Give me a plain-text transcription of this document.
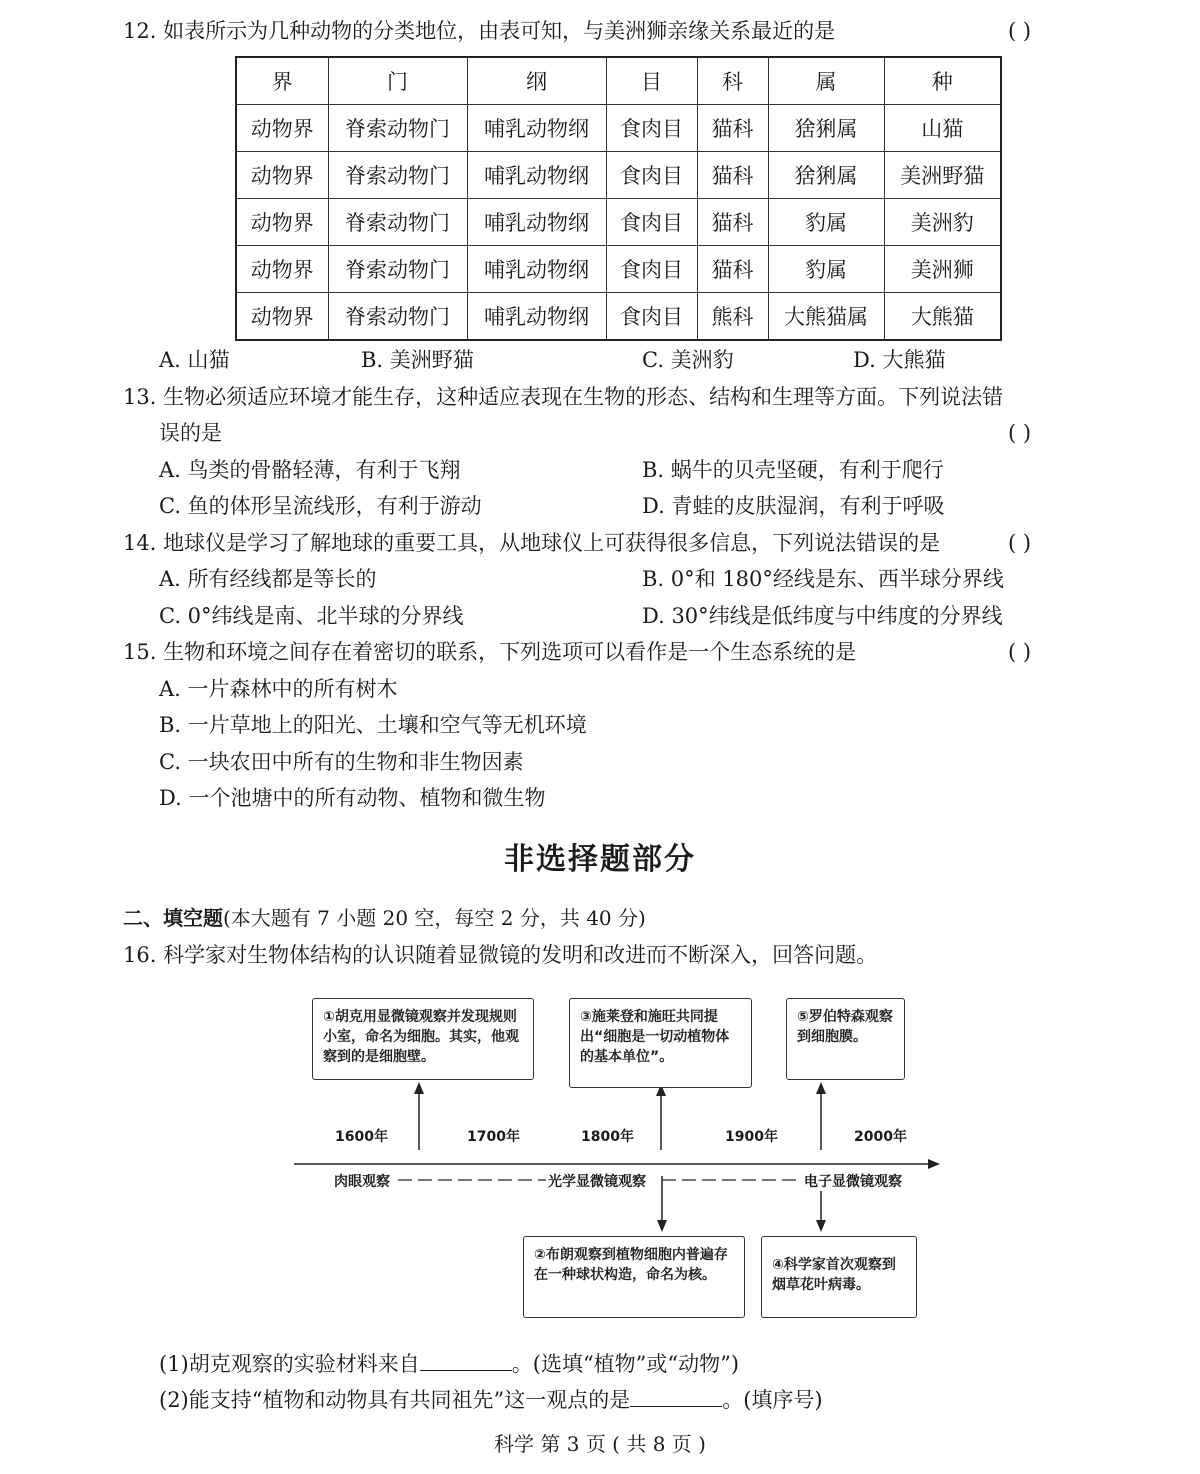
12. 如表所示为几种动物的分类地位，由表可知，与美洲狮亲缘关系最近的是	( )
界	门	纲	目	科	属	种
动物界	脊索动物门	哺乳动物纲	食肉目	猫科	猞猁属	山猫
动物界	脊索动物门	哺乳动物纲	食肉目	猫科	猞猁属	美洲野猫
动物界	脊索动物门	哺乳动物纲	食肉目	猫科	豹属	美洲豹
动物界	脊索动物门	哺乳动物纲	食肉目	猫科	豹属	美洲狮
动物界	脊索动物门	哺乳动物纲	食肉目	熊科	大熊猫属	大熊猫
A. 山猫	B. 美洲野猫	C. 美洲豹	D. 大熊猫
13. 生物必须适应环境才能生存，这种适应表现在生物的形态、结构和生理等方面。下列说法错
误的是	( )
A. 鸟类的骨骼轻薄，有利于飞翔	B. 蜗牛的贝壳坚硬，有利于爬行
C. 鱼的体形呈流线形，有利于游动	D. 青蛙的皮肤湿润，有利于呼吸
14. 地球仪是学习了解地球的重要工具，从地球仪上可获得很多信息，下列说法错误的是	( )
A. 所有经线都是等长的	B. 0°和 180°经线是东、西半球分界线
C. 0°纬线是南、北半球的分界线	D. 30°纬线是低纬度与中纬度的分界线
15. 生物和环境之间存在着密切的联系，下列选项可以看作是一个生态系统的是	( )
A. 一片森林中的所有树木
B. 一片草地上的阳光、土壤和空气等无机环境
C. 一块农田中所有的生物和非生物因素
D. 一个池塘中的所有动物、植物和微生物
非选择题部分
二、填空题(本大题有 7 小题 20 空，每空 2 分，共 40 分)
16. 科学家对生物体结构的认识随着显微镜的发明和改进而不断深入，回答问题。
①胡克用显微镜观察并发现规则小室，命名为细胞。其实，他观察到的是细胞壁。
③施莱登和施旺共同提出“细胞是一切动植物体的基本单位”。
⑤罗伯特森观察到细胞膜。
1600年	1700年	1800年	1900年	2000年
肉眼观察	光学显微镜观察	电子显微镜观察
②布朗观察到植物细胞内普遍存在一种球状构造，命名为核。
④科学家首次观察到烟草花叶病毒。
(1)胡克观察的实验材料来自	。(选填“植物”或“动物”)
(2)能支持“植物和动物具有共同祖先”这一观点的是	。(填序号)
科学 第 3 页 ( 共 8 页 )
